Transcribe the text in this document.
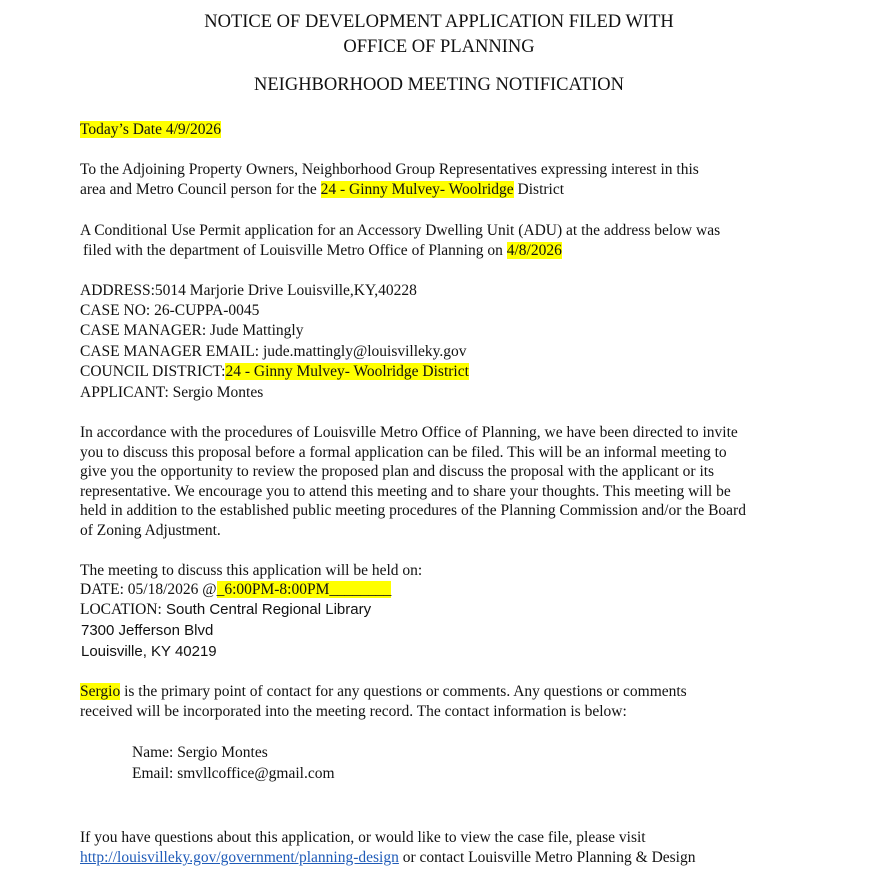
NOTICE OF DEVELOPMENT APPLICATION FILED WITH
OFFICE OF PLANNING
NEIGHBORHOOD MEETING NOTIFICATION
Today’s Date 4/9/2026
To the Adjoining Property Owners, Neighborhood Group Representatives expressing interest in this
area and Metro Council person for the 24 - Ginny Mulvey- Woolridge District
A Conditional Use Permit application for an Accessory Dwelling Unit (ADU) at the address below was
filed with the department of Louisville Metro Office of Planning on 4/8/2026
ADDRESS:5014 Marjorie Drive Louisville,KY,40228
CASE NO: 26-CUPPA-0045
CASE MANAGER: Jude Mattingly
CASE MANAGER EMAIL: jude.mattingly@louisvilleky.gov
COUNCIL DISTRICT:24 - Ginny Mulvey- Woolridge District
APPLICANT: Sergio Montes
In accordance with the procedures of Louisville Metro Office of Planning, we have been directed to invite
you to discuss this proposal before a formal application can be filed. This will be an informal meeting to
give you the opportunity to review the proposed plan and discuss the proposal with the applicant or its
representative. We encourage you to attend this meeting and to share your thoughts. This meeting will be
held in addition to the established public meeting procedures of the Planning Commission and/or the Board
of Zoning Adjustment.
The meeting to discuss this application will be held on:
DATE: 05/18/2026 @_6:00PM-8:00PM________
LOCATION: South Central Regional Library
7300 Jefferson Blvd
Louisville, KY 40219
Sergio is the primary point of contact for any questions or comments. Any questions or comments
received will be incorporated into the meeting record. The contact information is below:
Name: Sergio Montes
Email: smvllcoffice@gmail.com
If you have questions about this application, or would like to view the case file, please visit
http://louisvilleky.gov/government/planning-design or contact Louisville Metro Planning & Design
